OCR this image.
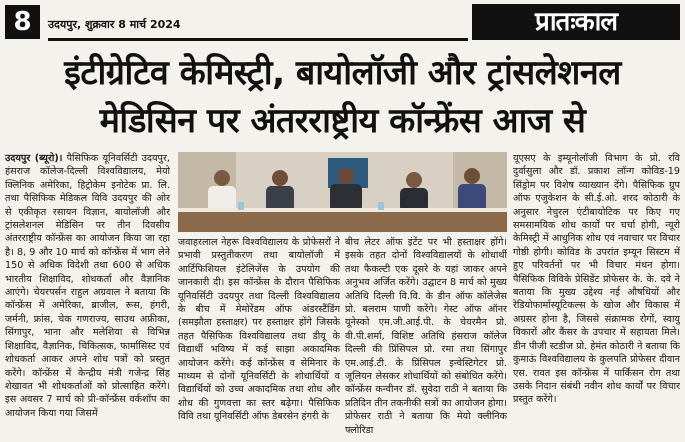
8	उदयपुर, शुक्रवार 8 मार्च 2024	प्रातःकाल
इंटीग्रेटिव केमिस्ट्री, बायोलॉजी और ट्रांसलेशनल
मेडिसिन पर अंतरराष्ट्रीय कॉन्फ्रेंस आज से

उदयपुर (ब्यूरो)। पैसिफिक यूनिवर्सिटी उदयपुर, हंसराज कॉलेज-दिल्ली विश्वविद्यालय, मेयो क्लिनिक अमेरिका, हिट्रोकेम इनोटेक प्रा. लि. तथा पैसिफिक मेडिकल विवि उदयपुर की ओर से एकीकृत रसायन विज्ञान, बायोलॉजी और ट्रांसलेशनल मेडिसिन पर तीन दिवसीय अंतरराष्ट्रीय कॉन्फ्रेंस का आयोजन किया जा रहा है। 8, 9 और 10 मार्च को कॉन्फ्रेंस में भाग लेने 150 से अधिक विदेशी तथा 600 से अधिक भारतीय शिक्षाविद, शोधकर्ता और वैज्ञानिक आएंगे। चेयरपर्सन राहुल अग्रवाल ने बताया कि कॉन्फ्रेंस में अमेरिका, ब्राजील, रूस, हंगरी, जर्मनी, फ्रांस, चेक गणराज्य, साउथ अफ्रीका, सिंगापुर, भाना और मलेशिया से विभिन्न शिक्षाविद, वैज्ञानिक, चिकित्सक, फार्मासिस्ट एवं शोधकर्ता आकर अपने शोध पत्रों को प्रस्तुत करेंगे। कॉन्फ्रेंस में केन्द्रीय मंत्री गजेन्द्र सिंह शेखावत भी शोधकर्ताओं को प्रोत्साहित करेंगे। इस अवसर 7 मार्च को प्री-कॉन्फ्रेंस वर्कशॉप का आयोजन किया गया जिसमें

जवाहरलाल नेहरू विश्वविद्यालय के प्रोफेसरों ने प्रभावी प्रस्तुतीकरण तथा बायोलॉजी में आर्टिफिशियल इंटेलिजेंस के उपयोग की जानकारी दी। इस कॉन्फ्रेंस के दौरान पैसिफिक यूनिवर्सिटी उदयपुर तथा दिल्ली विश्वविद्यालय के बीच में मेमोरेंडम ऑफ अंडरस्टैंडिंग (समझौता हस्ताक्षर) पर हस्ताक्षर होंगे जिसके तहत पैसिफिक विश्वविद्यालय तथा डीयू के विद्यार्थी भविष्य में कई साझा अकादमिक आयोजन करेंगे। कई कॉन्फ्रेंस व सेमिनार के माध्यम से दोनों यूनिवर्सिटी के शोधार्थियों व विद्यार्थियों को उच्च अकादमिक तथा शोध और शोध की गुणवत्ता का स्तर बढ़ेगा। पैसिफिक विवि तथा यूनिवर्सिटी ऑफ डेबरसेन हंगरी के
बीच लेटर ऑफ इंटेंट पर भी हस्ताक्षर होंगे। इसके तहत दोनों विश्वविद्यालयों के शोधार्थी तथा फैकल्टी एक दूसरे के यहां जाकर अपने अनुभव अर्जित करेंगे। उद्घाटन 8 मार्च को मुख्य अतिथि दिल्ली वि.वि. के डीन ऑफ कॉलेजेस प्रो. बलराम पाणी करेंगे। गेस्ट ऑफ ऑनर यूनेस्को एम.जी.आई.पी. के चेयरमैन प्रो. वी.पी.शर्मा, विशिष्ट अतिथि हंसराज कॉलेज दिल्ली की प्रिंसिपल प्रो. रमा तथा सिंगापुर एम.आई.टी. के प्रिंसिपल इन्वेस्टिगेटर प्रो. जूलियन लेसकर शोधार्थियों को संबोधित करेंगे। कॉन्फ्रेंस कन्वीनर डॉ. सुवेदा राठी ने बताया कि प्रतिदिन तीन तकनीकी सत्रों का आयोजन होगा। प्रोफेसर राठी ने बताया कि मेयो क्लीनिक फ्लोरिडा
यूएसए के इम्यूनोलॉजी विभाग के प्रो. रवि दुर्वासुला और डॉ. प्रकाश लॉन्ग कोविड-19 सिंड्रोम पर विशेष व्याख्यान देंगे। पैसिफिक ग्रुप ऑफ एजुकेशन के सी.ई.ओ. शरद कोठारी के अनुसार नेचुरल एंटीबायोटिक पर किए गए समसामयिक शोध कार्यों पर चर्चा होगी, न्यूरो केमिस्ट्री में आधुनिक शोध एवं नवाचार पर विचार गोष्ठी होगी। कोविड के उपरांत इम्यून सिस्टम में हुए परिवर्तनों पर भी विचार मंथन होगा। पैसिफिक विविके प्रेसिडेंट प्रोफेसर के. के. दवे ने बताया कि मुख्य उद्देश्य नई औषधियों और रेडियोफार्मास्यूटिकल्स के खोज और विकास में अग्रसर होना है, जिससे संक्रामक रोगों, स्वायु विकारों और कैंसर के उपचार में सहायता मिले। डीन पीजी स्टडीज प्रो. हेमंत कोठारी ने बताया कि कुमाऊं विश्वविद्यालय के कुलपति प्रोफेसर दीवान एस. रावत इस कॉन्फ्रेंस में पार्किंसन रोग तथा उसके निदान संबंधी नवीन शोध कार्यों पर विचार प्रस्तुत करेंगे।
